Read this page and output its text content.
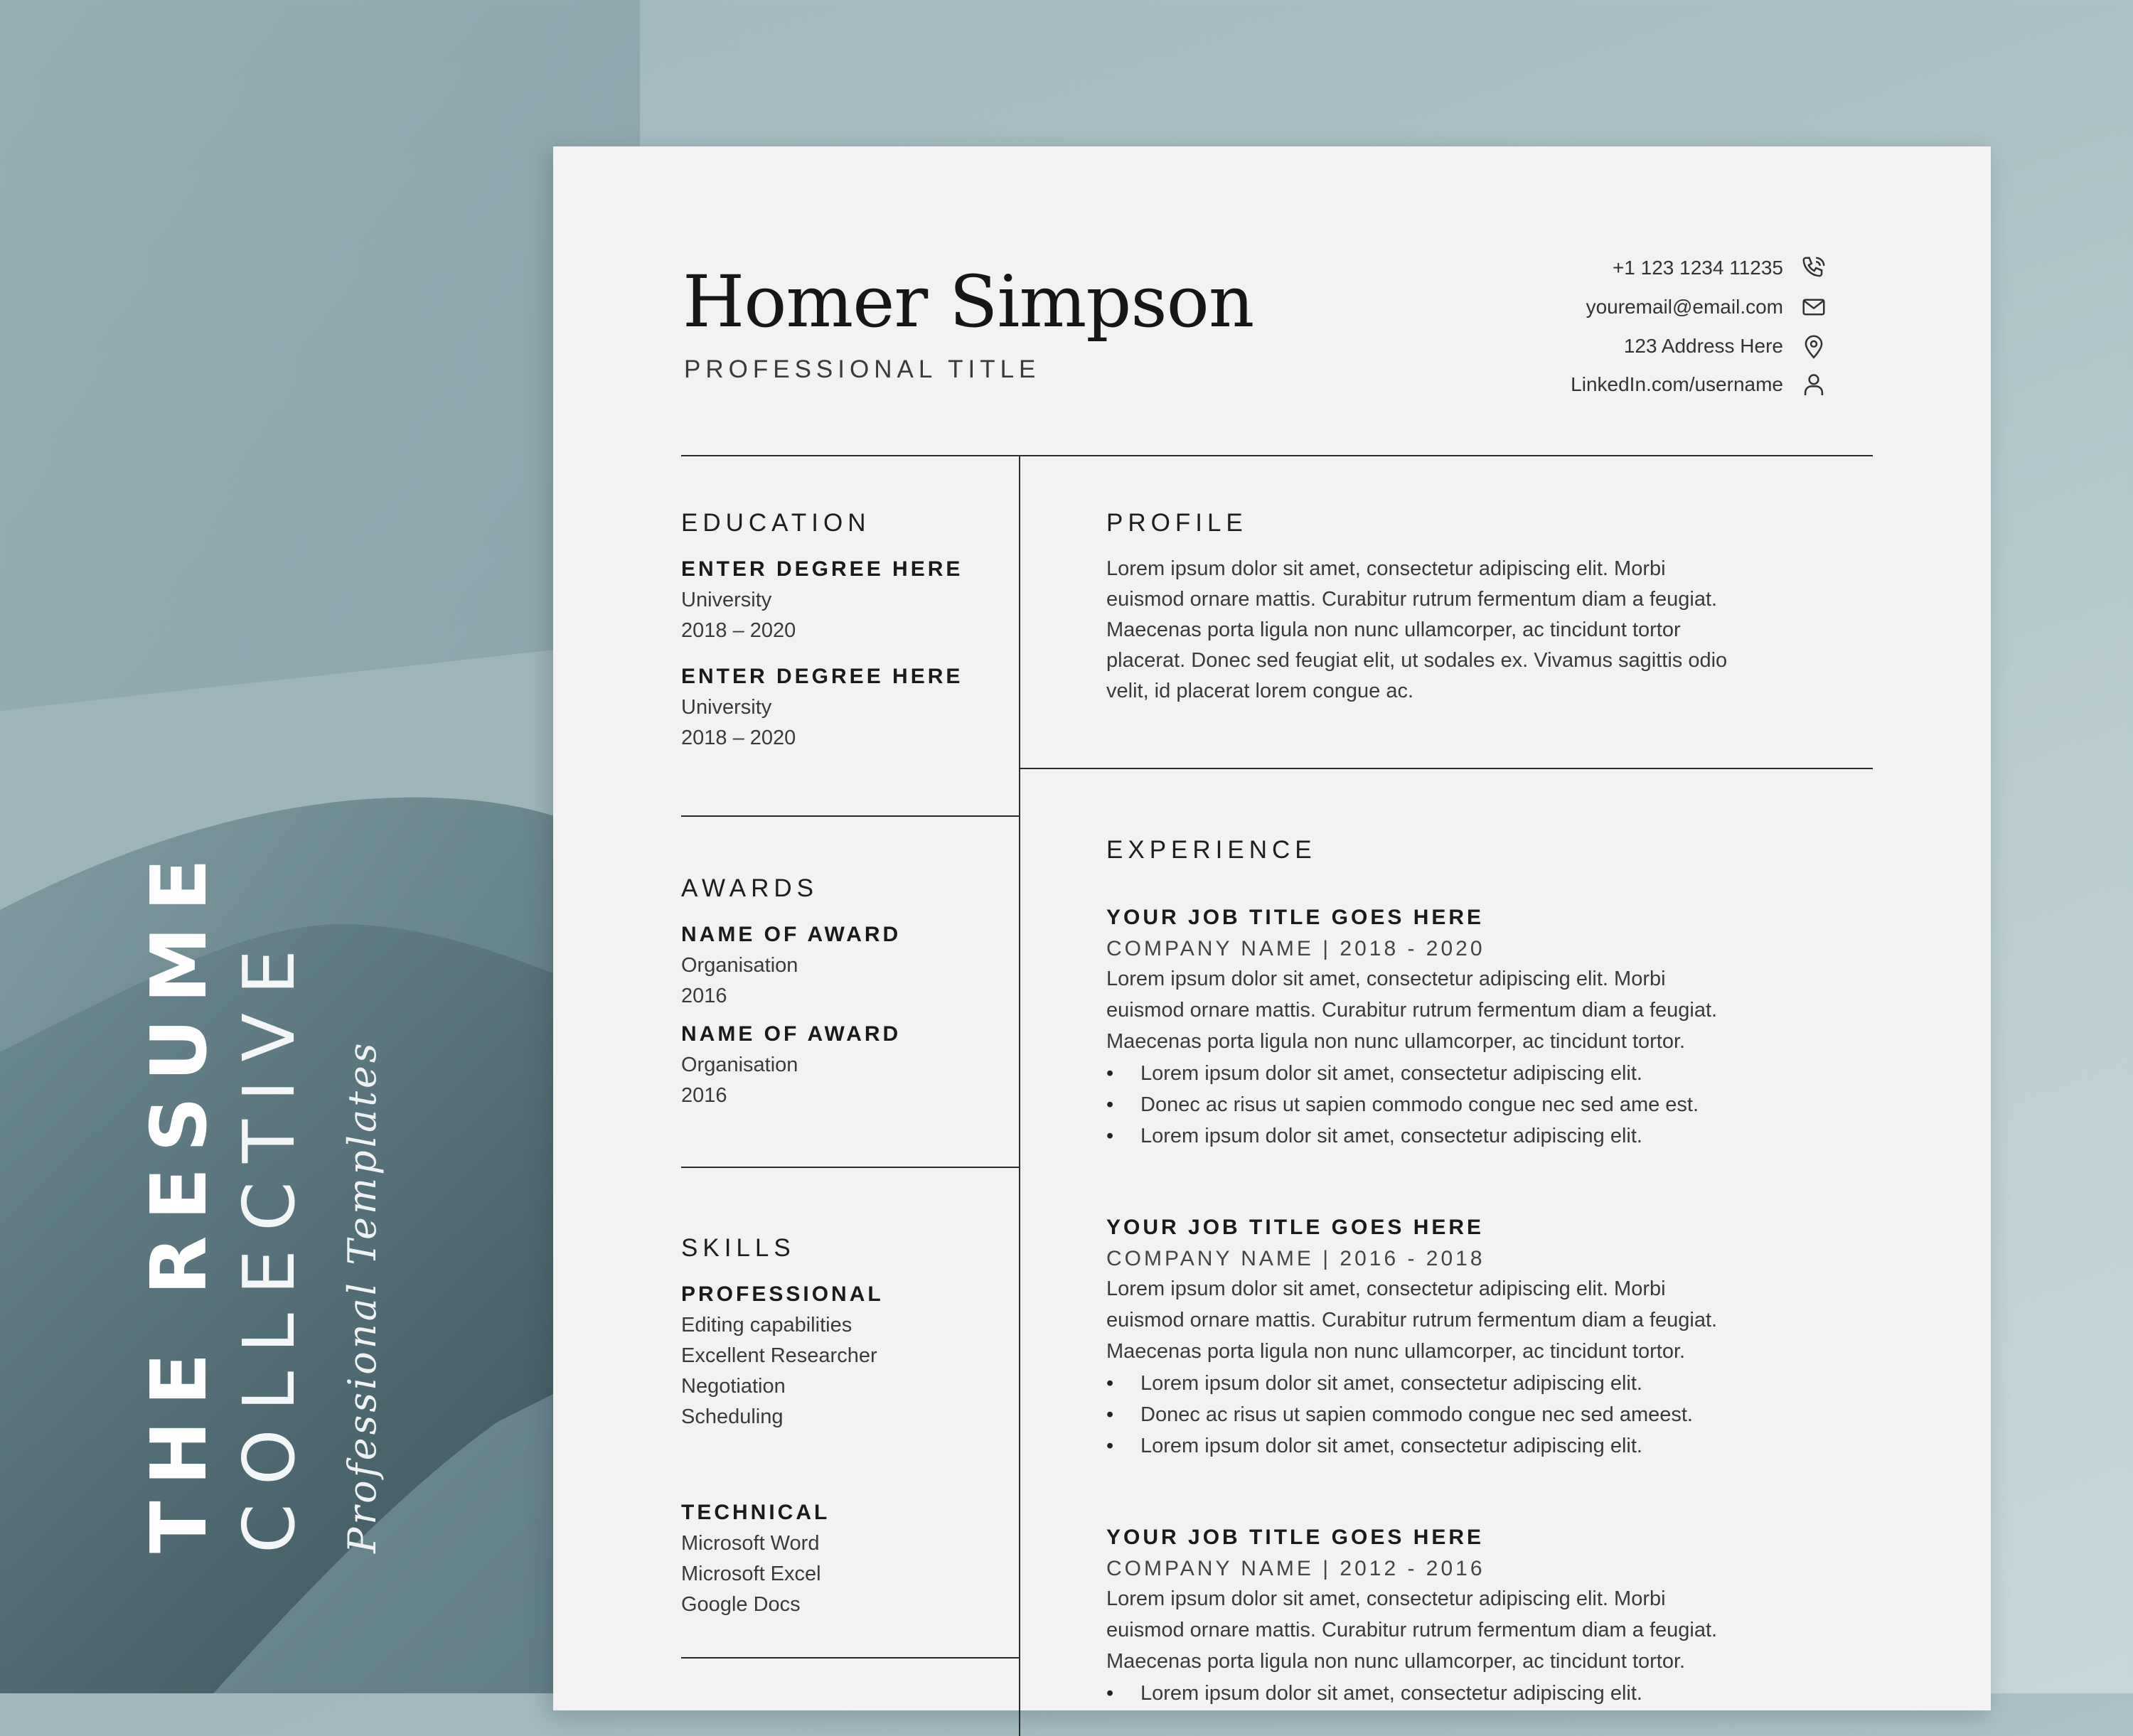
THE RESUME COLLECTIVE Professional Templates
Homer Simpson
PROFESSIONAL TITLE
+1 123 1234 11235
youremail@email.com
123 Address Here
LinkedIn.com/username
EDUCATION
ENTER DEGREE HERE
University
2018 – 2020
ENTER DEGREE HERE
University
2018 – 2020
AWARDS
NAME OF AWARD
Organisation
2016
NAME OF AWARD
Organisation
2016
SKILLS
PROFESSIONAL
Editing capabilities
Excellent Researcher
Negotiation
Scheduling
TECHNICAL
Microsoft Word
Microsoft Excel
Google Docs
PROFILE
Lorem ipsum dolor sit amet, consectetur adipiscing elit. Morbi
euismod ornare mattis. Curabitur rutrum fermentum diam a feugiat.
Maecenas porta ligula non nunc ullamcorper, ac tincidunt tortor
placerat. Donec sed feugiat elit, ut sodales ex. Vivamus sagittis odio
velit, id placerat lorem congue ac.
EXPERIENCE
YOUR JOB TITLE GOES HERE
COMPANY NAME | 2018 - 2020
Lorem ipsum dolor sit amet, consectetur adipiscing elit. Morbi
euismod ornare mattis. Curabitur rutrum fermentum diam a feugiat.
Maecenas porta ligula non nunc ullamcorper, ac tincidunt tortor.
• Lorem ipsum dolor sit amet, consectetur adipiscing elit.
• Donec ac risus ut sapien commodo congue nec sed ame est.
• Lorem ipsum dolor sit amet, consectetur adipiscing elit.
YOUR JOB TITLE GOES HERE
COMPANY NAME | 2016 - 2018
Lorem ipsum dolor sit amet, consectetur adipiscing elit. Morbi
euismod ornare mattis. Curabitur rutrum fermentum diam a feugiat.
Maecenas porta ligula non nunc ullamcorper, ac tincidunt tortor.
• Lorem ipsum dolor sit amet, consectetur adipiscing elit.
• Donec ac risus ut sapien commodo congue nec sed ameest.
• Lorem ipsum dolor sit amet, consectetur adipiscing elit.
YOUR JOB TITLE GOES HERE
COMPANY NAME | 2012 - 2016
Lorem ipsum dolor sit amet, consectetur adipiscing elit. Morbi
euismod ornare mattis. Curabitur rutrum fermentum diam a feugiat.
Maecenas porta ligula non nunc ullamcorper, ac tincidunt tortor.
• Lorem ipsum dolor sit amet, consectetur adipiscing elit.
